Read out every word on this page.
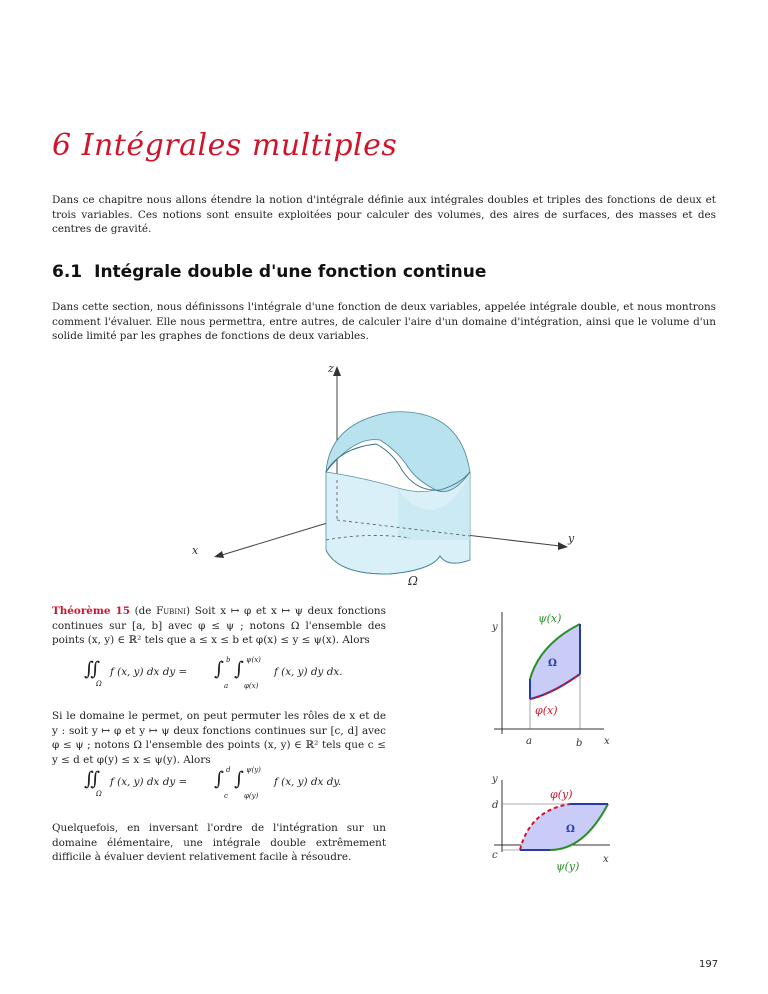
6 Intégrales multiples
Dans ce chapitre nous allons étendre la notion d'intégrale définie aux intégrales doubles et triples des fonctions de deux et trois variables. Ces notions sont ensuite exploitées pour calculer des volumes, des aires de surfaces, des masses et des centres de gravité.
6.1 Intégrale double d'une fonction continue
Dans cette section, nous définissons l'intégrale d'une fonction de deux variables, appelée intégrale double, et nous montrons comment l'évaluer. Elle nous permettra, entre autres, de calculer l'aire d'un domaine d'intégration, ainsi que le volume d'un solide limité par les graphes de fonctions de deux variables.
z
y
x
Ω
Théorème 15 (de Fubini) Soit x ↦ φ et x ↦ ψ deux fonctions continues sur [a, b] avec φ ≤ ψ ; notons Ω l'ensemble des points (x, y) ∈ ℝ² tels que a ≤ x ≤ b et φ(x) ≤ y ≤ ψ(x). Alors
∬
Ω
f (x, y) dx dy = ∫ b
a
∫ ψ(x)
φ(x)
f (x, y) dy dx.
Si le domaine le permet, on peut permuter les rôles de x et de y : soit y ↦ φ et y ↦ ψ deux fonctions continues sur [c, d] avec φ ≤ ψ ; notons Ω l'ensemble des points (x, y) ∈ ℝ² tels que c ≤ y ≤ d et φ(y) ≤ x ≤ ψ(y). Alors
∬
Ω
f (x, y) dx dy = ∫ d
c
∫ ψ(y)
φ(y)
f (x, y) dx dy.
Quelquefois, en inversant l'ordre de l'intégration sur un domaine élémentaire, une intégrale double extrêmement difficile à évaluer devient relativement facile à résoudre.
y
x
a	b
Ω
ψ(x)
φ(x)
y
x
d
c
Ω
φ(y)
ψ(y)
197
